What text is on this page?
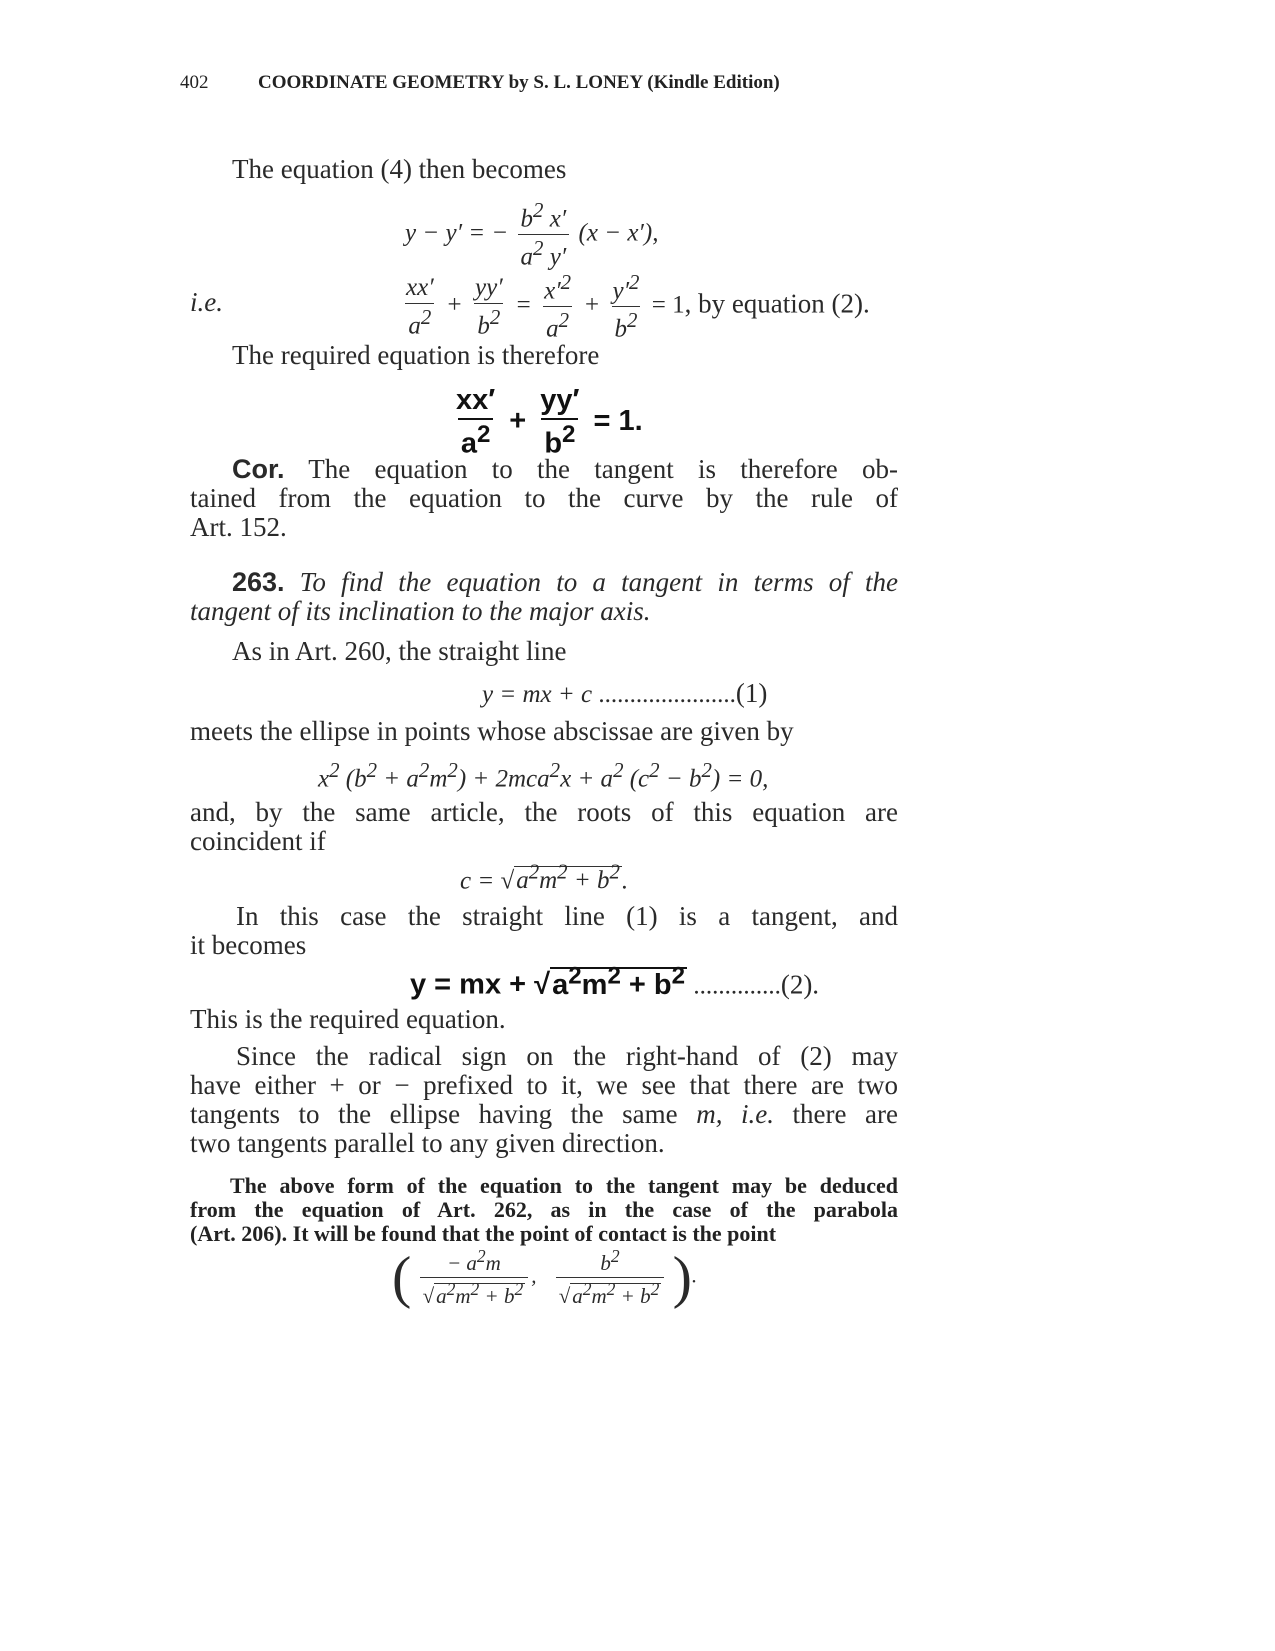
402	COORDINATE GEOMETRY by S. L. LONEY (Kindle Edition)
The equation (4) then becomes
y − y′ = − $\frac{b^2 x'}{a^2 y'} (x - x')$,
i.e.	$\frac{xx'}{a^2} + \frac{yy'}{b^2} = \frac{x'^2}{a^2} + \frac{y'^2}{b^2} = 1$, by equation (2).
The required equation is therefore
$\frac{xx'}{a^2} + \frac{yy'}{b^2} = 1$.
Cor. The equation to the tangent is therefore ob-
tained from the equation to the curve by the rule of
Art. 152.
263. To find the equation to a tangent in terms of the
tangent of its inclination to the major axis.
As in Art. 260, the straight line
y = mx + c ......................(1)
meets the ellipse in points whose abscissae are given by
$x^2$ $(b^2 + a^2m^2) + 2mca^2x + a^2$ $(c^2 - b^2) = 0$,
and, by the same article, the roots of this equation are
coincident if
$c = √a^2m^2 + b^2$.
In this case the straight line (1) is a tangent, and
it becomes
y = mx + $√a^2m^2 + b^2$ ..............(2).
This is the required equation.
Since the radical sign on the right-hand of (2) may
have either + or − prefixed to it, we see that there are two
tangents to the ellipse having the same m, i.e. there are
two tangents parallel to any given direction.
The above form of the equation to the tangent may be deduced
from the equation of Art. 262, as in the case of the parabola
(Art. 206). It will be found that the point of contact is the point
( $\frac{- a^2m}{√a^2m^2 + b^2}$ , $\frac{b^2}{√a^2m^2 + b^2}$ ).
